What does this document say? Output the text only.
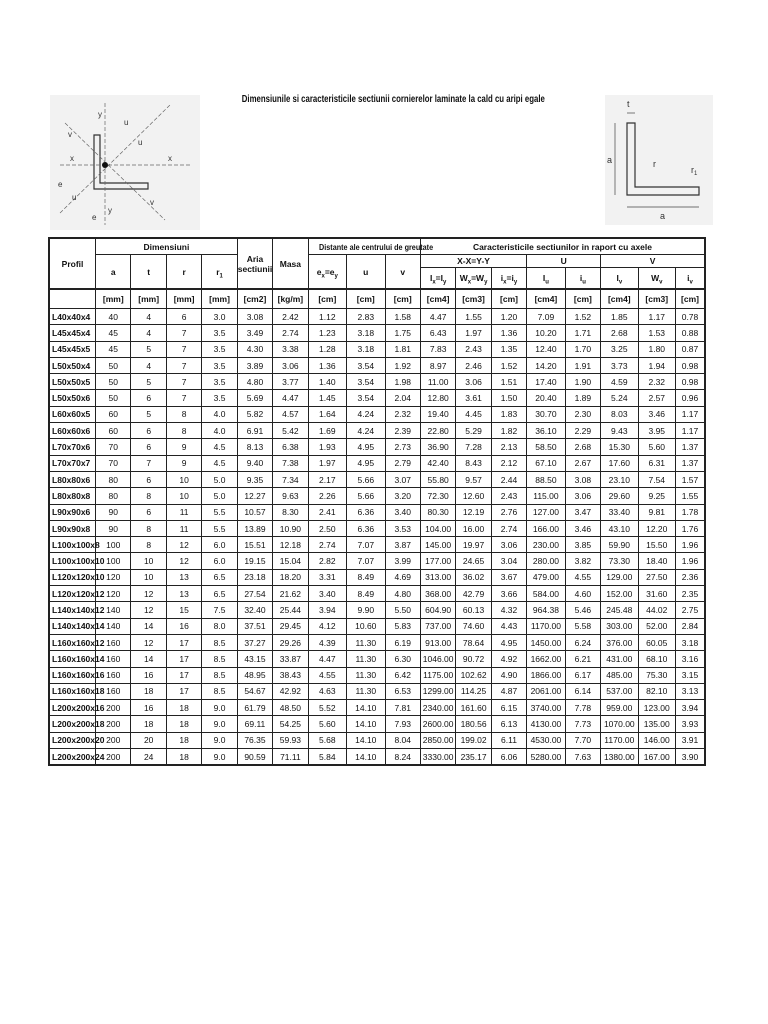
Dimensiunile si caracteristicile sectiunii cornierelor laminate la cald cu aripi egale
v
y
u
u
x	x
e
e
u
y
v
t
a	r
$r_1$
a
Profil	Dimensiuni				Aria
sectiunii	Masa	Distante ale centrului de greutate			Caracteristicile sectiunilor in raport cu axele							
	a	t	r	$r_1$			$e_x=e_y$	u	v	X-X=Y-Y			U		V		
										$I_x=I_y$	$W_x=W_y$	$i_x=i_y$	$I_u$	$i_u$	$I_v$	$W_v$	$i_v$
	[mm]	[mm]	[mm]	[mm]	[cm2]	[kg/m]	[cm]	[cm]	[cm]	[cm4]	[cm3]	[cm]	[cm4]	[cm]	[cm4]	[cm3]	[cm]
L40x40x4	40	4	6	3.0	3.08	2.42	1.12	2.83	1.58	4.47	1.55	1.20	7.09	1.52	1.85	1.17	0.78
L45x45x4	45	4	7	3.5	3.49	2.74	1.23	3.18	1.75	6.43	1.97	1.36	10.20	1.71	2.68	1.53	0.88
L45x45x5	45	5	7	3.5	4.30	3.38	1.28	3.18	1.81	7.83	2.43	1.35	12.40	1.70	3.25	1.80	0.87
L50x50x4	50	4	7	3.5	3.89	3.06	1.36	3.54	1.92	8.97	2.46	1.52	14.20	1.91	3.73	1.94	0.98
L50x50x5	50	5	7	3.5	4.80	3.77	1.40	3.54	1.98	11.00	3.06	1.51	17.40	1.90	4.59	2.32	0.98
L50x50x6	50	6	7	3.5	5.69	4.47	1.45	3.54	2.04	12.80	3.61	1.50	20.40	1.89	5.24	2.57	0.96
L60x60x5	60	5	8	4.0	5.82	4.57	1.64	4.24	2.32	19.40	4.45	1.83	30.70	2.30	8.03	3.46	1.17
L60x60x6	60	6	8	4.0	6.91	5.42	1.69	4.24	2.39	22.80	5.29	1.82	36.10	2.29	9.43	3.95	1.17
L70x70x6	70	6	9	4.5	8.13	6.38	1.93	4.95	2.73	36.90	7.28	2.13	58.50	2.68	15.30	5.60	1.37
L70x70x7	70	7	9	4.5	9.40	7.38	1.97	4.95	2.79	42.40	8.43	2.12	67.10	2.67	17.60	6.31	1.37
L80x80x6	80	6	10	5.0	9.35	7.34	2.17	5.66	3.07	55.80	9.57	2.44	88.50	3.08	23.10	7.54	1.57
L80x80x8	80	8	10	5.0	12.27	9.63	2.26	5.66	3.20	72.30	12.60	2.43	115.00	3.06	29.60	9.25	1.55
L90x90x6	90	6	11	5.5	10.57	8.30	2.41	6.36	3.40	80.30	12.19	2.76	127.00	3.47	33.40	9.81	1.78
L90x90x8	90	8	11	5.5	13.89	10.90	2.50	6.36	3.53	104.00	16.00	2.74	166.00	3.46	43.10	12.20	1.76
L100x100x8	100	8	12	6.0	15.51	12.18	2.74	7.07	3.87	145.00	19.97	3.06	230.00	3.85	59.90	15.50	1.96
L100x100x10	100	10	12	6.0	19.15	15.04	2.82	7.07	3.99	177.00	24.65	3.04	280.00	3.82	73.30	18.40	1.96
L120x120x10	120	10	13	6.5	23.18	18.20	3.31	8.49	4.69	313.00	36.02	3.67	479.00	4.55	129.00	27.50	2.36
L120x120x12	120	12	13	6.5	27.54	21.62	3.40	8.49	4.80	368.00	42.79	3.66	584.00	4.60	152.00	31.60	2.35
L140x140x12	140	12	15	7.5	32.40	25.44	3.94	9.90	5.50	604.90	60.13	4.32	964.38	5.46	245.48	44.02	2.75
L140x140x14	140	14	16	8.0	37.51	29.45	4.12	10.60	5.83	737.00	74.60	4.43	1170.00	5.58	303.00	52.00	2.84
L160x160x12	160	12	17	8.5	37.27	29.26	4.39	11.30	6.19	913.00	78.64	4.95	1450.00	6.24	376.00	60.05	3.18
L160x160x14	160	14	17	8.5	43.15	33.87	4.47	11.30	6.30	1046.00	90.72	4.92	1662.00	6.21	431.00	68.10	3.16
L160x160x16	160	16	17	8.5	48.95	38.43	4.55	11.30	6.42	1175.00	102.62	4.90	1866.00	6.17	485.00	75.30	3.15
L160x160x18	160	18	17	8.5	54.67	42.92	4.63	11.30	6.53	1299.00	114.25	4.87	2061.00	6.14	537.00	82.10	3.13
L200x200x16	200	16	18	9.0	61.79	48.50	5.52	14.10	7.81	2340.00	161.60	6.15	3740.00	7.78	959.00	123.00	3.94
L200x200x18	200	18	18	9.0	69.11	54.25	5.60	14.10	7.93	2600.00	180.56	6.13	4130.00	7.73	1070.00	135.00	3.93
L200x200x20	200	20	18	9.0	76.35	59.93	5.68	14.10	8.04	2850.00	199.02	6.11	4530.00	7.70	1170.00	146.00	3.91
L200x200x24	200	24	18	9.0	90.59	71.11	5.84	14.10	8.24	3330.00	235.17	6.06	5280.00	7.63	1380.00	167.00	3.90
